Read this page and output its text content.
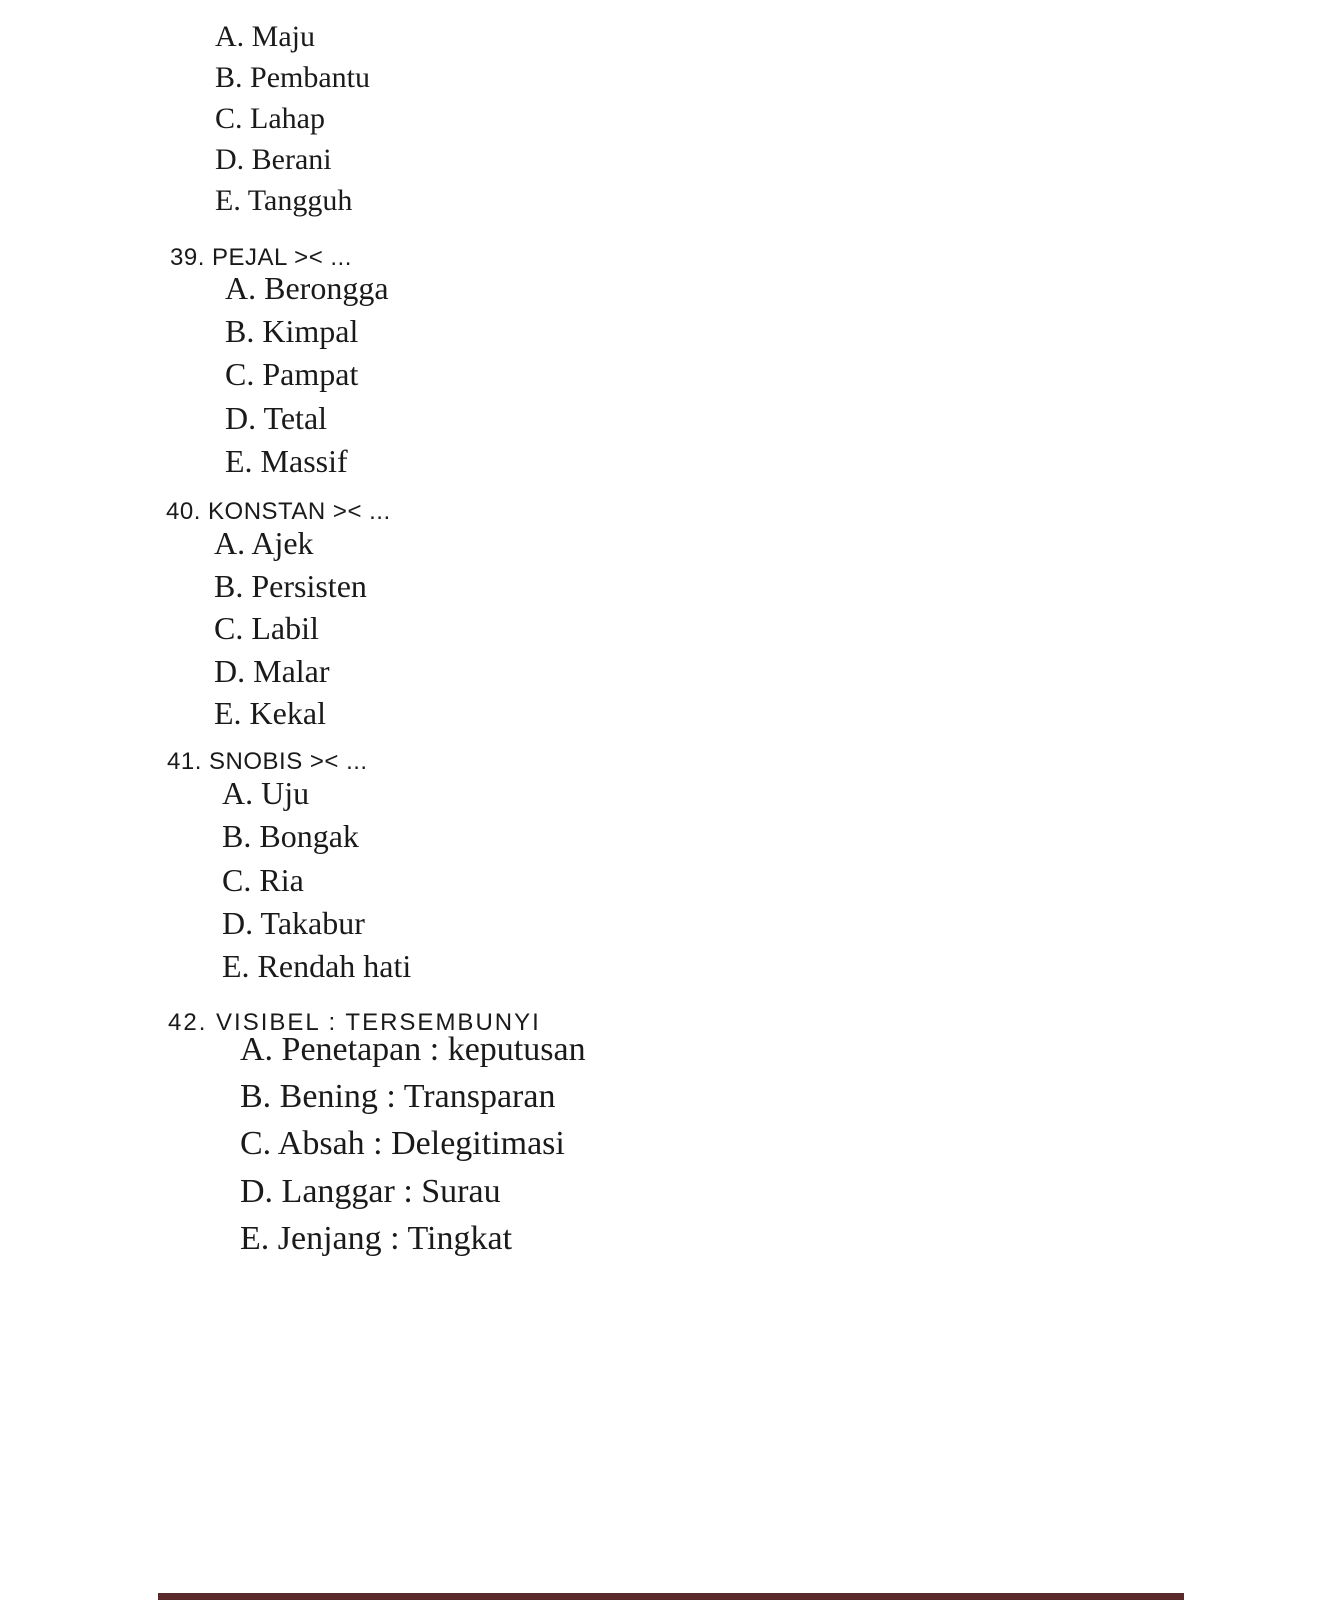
A. Maju
B. Pembantu
C. Lahap
D. Berani
E. Tangguh
39. PEJAL >< ...
A. Berongga
B. Kimpal
C. Pampat
D. Tetal
E. Massif
40. KONSTAN >< ...
A. Ajek
B. Persisten
C. Labil
D. Malar
E. Kekal
41. SNOBIS >< ...
A. Uju
B. Bongak
C. Ria
D. Takabur
E. Rendah hati
42. VISIBEL : TERSEMBUNYI
A. Penetapan : keputusan
B. Bening : Transparan
C. Absah : Delegitimasi
D. Langgar : Surau
E. Jenjang : Tingkat
